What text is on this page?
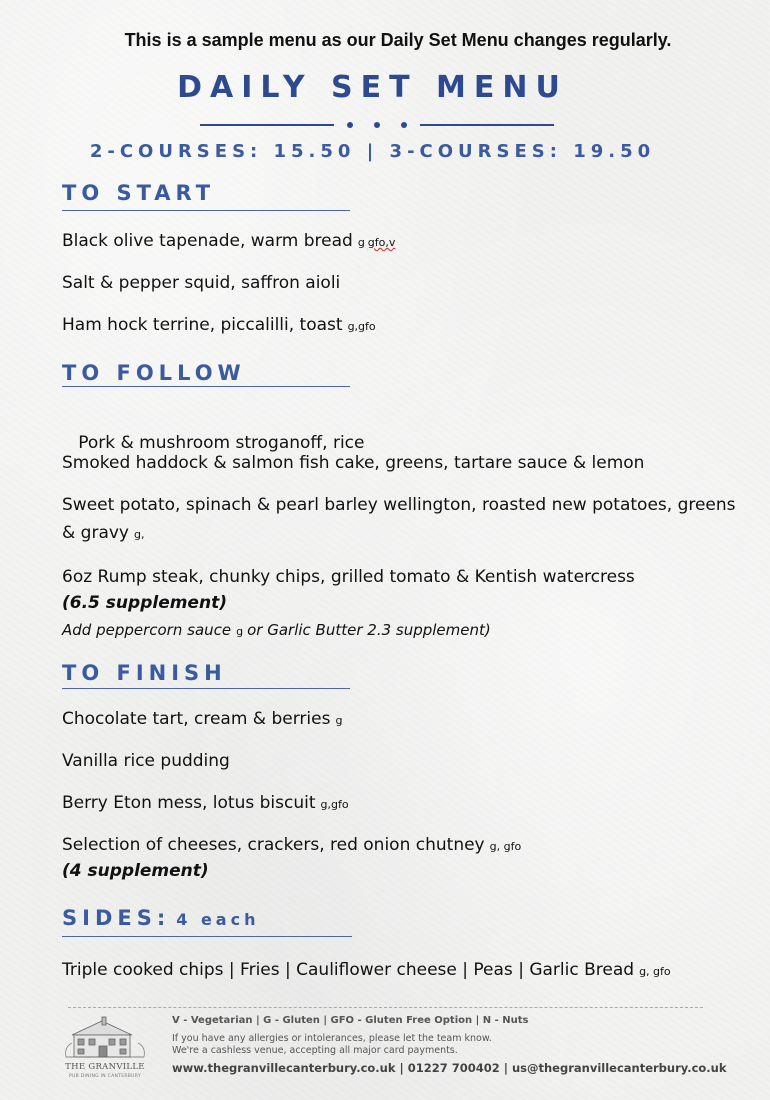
This is a sample menu as our Daily Set Menu changes regularly.
DAILY SET MENU
2-COURSES: 15.50 | 3-COURSES: 19.50
TO START
Black olive tapenade, warm bread g gfo,v
Salt & pepper squid, saffron aioli
Ham hock terrine, piccalilli, toast g,gfo
TO FOLLOW

Pork & mushroom stroganoff, rice

Smoked haddock & salmon fish cake, greens, tartare sauce & lemon
Sweet potato, spinach & pearl barley wellington, roasted new potatoes, greens & gravy g,
6oz Rump steak, chunky chips, grilled tomato & Kentish watercress
(6.5 supplement)
Add peppercorn sauce g or Garlic Butter 2.3 supplement)
TO FINISH
Chocolate tart, cream & berries g
Vanilla rice pudding
Berry Eton mess, lotus biscuit g,gfo
Selection of cheeses, crackers, red onion chutney g, gfo
(4 supplement)
SIDES: 4 each
Triple cooked chips | Fries | Cauliflower cheese | Peas | Garlic Bread g, gfo
THE GRANVILLE
PUB DINING IN CANTERBURY
V - Vegetarian | G - Gluten | GFO - Gluten Free Option | N - Nuts
If you have any allergies or intolerances, please let the team know.
We're a cashless venue, accepting all major card payments.
www.thegranvillecanterbury.co.uk | 01227 700402 | us@thegranvillecanterbury.co.uk
